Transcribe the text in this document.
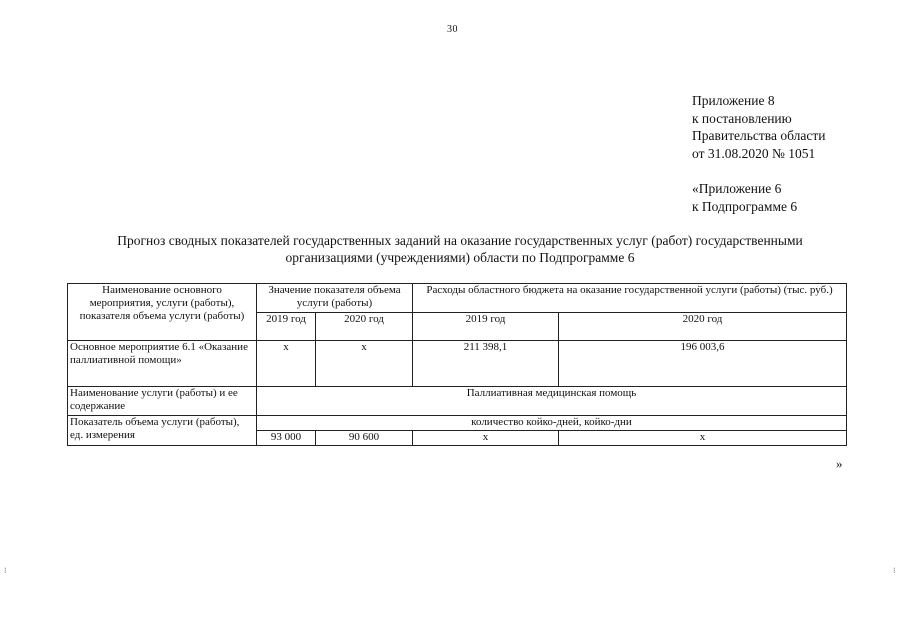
30
Приложение 8
к постановлению
Правительства области
от 31.08.2020 № 1051
«Приложение 6
к Подпрограмме 6
Прогноз сводных показателей государственных заданий на оказание государственных услуг (работ) государственными
организациями (учреждениями) области по Подпрограмме 6
Наименование основного мероприятия, услуги (работы), показателя объема услуги (работы)	Значение показателя объема услуги (работы)		Расходы областного бюджета на оказание государственной услуги (работы) (тыс. руб.)	
	2019 год	2020 год	2019 год	2020 год
Основное мероприятие 6.1 «Оказание паллиативной помощи»	x	x	211 398,1	196 003,6
Наименование услуги (работы) и ее содержание	Паллиативная медицинская помощь			
Показатель объема услуги (работы), ед. измерения	количество койко-дней, койко-дни			
	93 000	90 600	x	x
»
⁝	⁝
